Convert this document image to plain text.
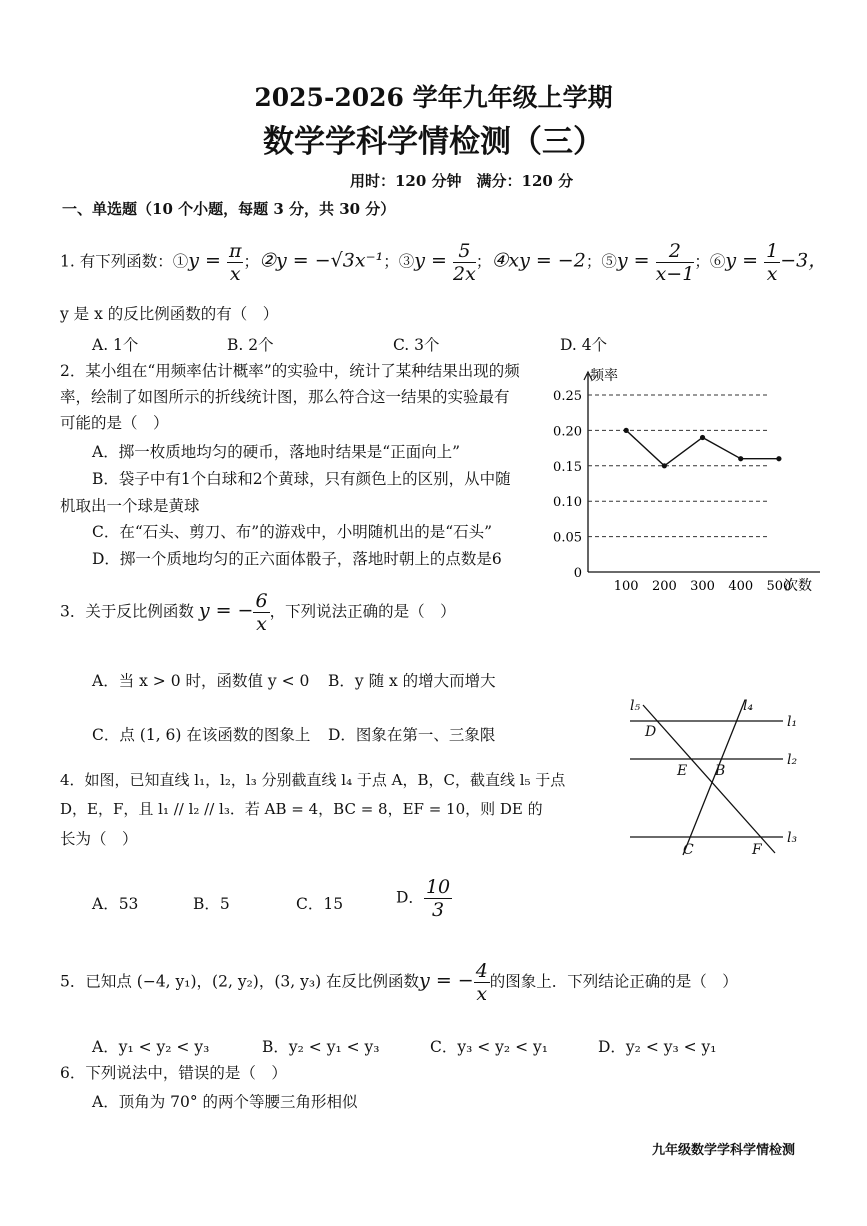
2025-2026 学年九年级上学期
数学学科学情检测（三）
用时：120 分钟　满分：120 分
一、单选题（10 个小题，每题 3 分，共 30 分）
1. 有下列函数：①y = $\frac{\pi}{x}$ ；②y = −√3x⁻¹；③y = $\frac{5}{2x}$ ；④xy = −2；⑤y = $\frac{2}{x-1}$ ；⑥y = $\frac{1}{x} -3$，
y 是 x 的反比例函数的有（　）
A. 1个	B. 2个	C. 3个	D. 4个
2．某小组在“用频率估计概率”的实验中，统计了某种结果出现的频
率，绘制了如图所示的折线统计图，那么符合这一结果的实验最有
可能的是（　）
A．掷一枚质地均匀的硬币，落地时结果是“正面向上”
B．袋子中有1个白球和2个黄球，只有颜色上的区别，从中随
机取出一个球是黄球
C．在“石头、剪刀、布”的游戏中，小明随机出的是“石头”
D．掷一个质地均匀的正六面体骰子，落地时朝上的点数是6
0.25
0.20
0.15
0.10
0.05
0
100 200 300 400 500
频率
次数
3．关于反比例函数 y = − $\frac{6}{x}$ ，下列说法正确的是（　）
A．当 x > 0 时，函数值 y < 0 B．y 随 x 的增大而增大
C．点 (1, 6) 在该函数的图象上 D．图象在第一、三象限
l₅	l₄
l₁
l₂
l₃
D
E B
C	F
4．如图，已知直线 l₁，l₂，l₃ 分别截直线 l₄ 于点 A，B，C，截直线 l₅ 于点
D，E，F，且 l₁ // l₂ // l₃．若 AB = 4，BC = 8，EF = 10，则 DE 的
长为（　）
A．53	B．5	C．15	D． $\frac{10}{3}$
5．已知点 (−4, y₁)，(2, y₂)，(3, y₃) 在反比例函数y = − $\frac{4}{x}$ 的图象上．下列结论正确的是（　）
A．y₁ < y₂ < y₃	B．y₂ < y₁ < y₃	C．y₃ < y₂ < y₁	D．y₂ < y₃ < y₁
6．下列说法中，错误的是（　）
A．顶角为 70° 的两个等腰三角形相似
九年级数学学科学情检测
